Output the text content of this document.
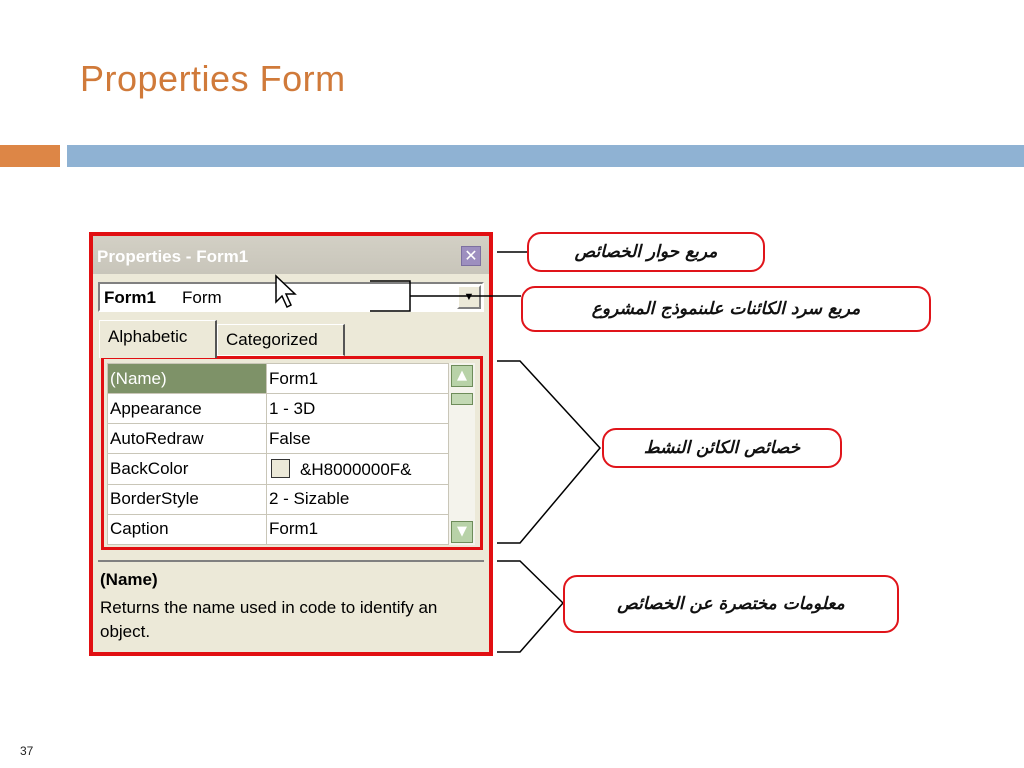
Properties Form
Properties - Form1	✕
Form1 Form	▼
Alphabetic	Categorized
(Name)	Form1
Appearance	1 - 3D
AutoRedraw	False
BackColor	&H8000000F&
BorderStyle	2 - Sizable
Caption	Form1
▲
▼
(Name)
Returns the name used in code to identify an object.
مربع حوار الخصائص
مربع سرد الكائنات علىنموذج المشروع
خصائص الكائن النشط
معلومات مختصرة عن الخصائص
37
